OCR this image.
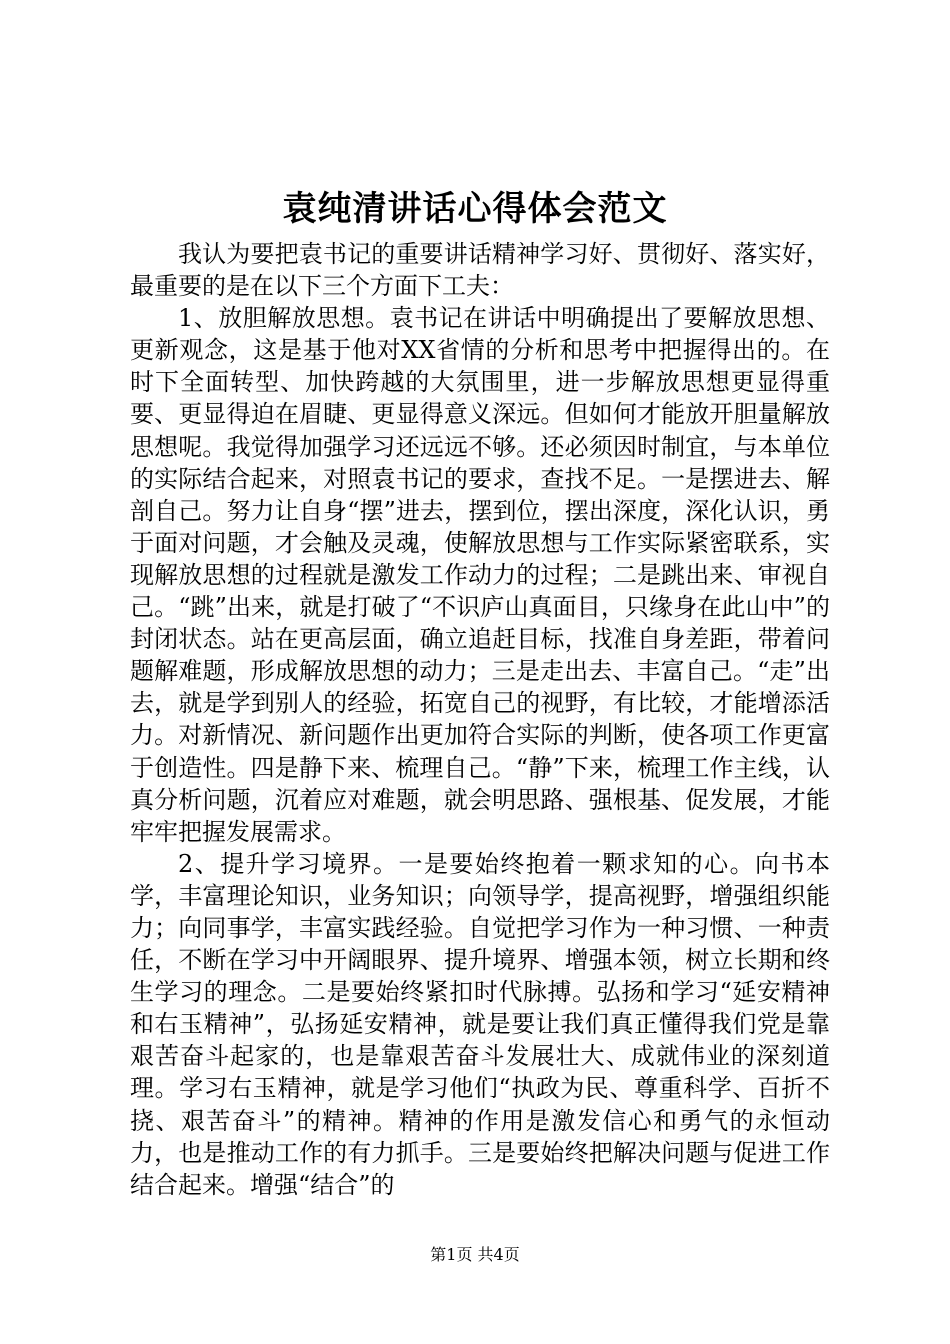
袁纯清讲话心得体会范文

我认为要把袁书记的重要讲话精神学习好、贯彻好、落实好，最重要的是在以下三个方面下工夫：

1、放胆解放思想。袁书记在讲话中明确提出了要解放思想、更新观念，这是基于他对XX省情的分析和思考中把握得出的。在时下全面转型、加快跨越的大氛围里，进一步解放思想更显得重要、更显得迫在眉睫、更显得意义深远。但如何才能放开胆量解放思想呢。我觉得加强学习还远远不够。还必须因时制宜，与本单位的实际结合起来，对照袁书记的要求，查找不足。一是摆进去、解剖自己。努力让自身“摆”进去，摆到位，摆出深度，深化认识，勇于面对问题，才会触及灵魂，使解放思想与工作实际紧密联系，实现解放思想的过程就是激发工作动力的过程；二是跳出来、审视自己。“跳”出来，就是打破了“不识庐山真面目，只缘身在此山中”的封闭状态。站在更高层面，确立追赶目标，找准自身差距，带着问题解难题，形成解放思想的动力；三是走出去、丰富自己。“走”出去，就是学到别人的经验，拓宽自己的视野，有比较，才能增添活力。对新情况、新问题作出更加符合实际的判断，使各项工作更富于创造性。四是静下来、梳理自己。“静”下来，梳理工作主线，认真分析问题，沉着应对难题，就会明思路、强根基、促发展，才能牢牢把握发展需求。

2、提升学习境界。一是要始终抱着一颗求知的心。向书本学，丰富理论知识，业务知识；向领导学，提高视野，增强组织能力；向同事学，丰富实践经验。自觉把学习作为一种习惯、一种责任，不断在学习中开阔眼界、提升境界、增强本领，树立长期和终生学习的理念。二是要始终紧扣时代脉搏。弘扬和学习“延安精神和右玉精神”，弘扬延安精神，就是要让我们真正懂得我们党是靠艰苦奋斗起家的，也是靠艰苦奋斗发展壮大、成就伟业的深刻道理。学习右玉精神，就是学习他们“执政为民、尊重科学、百折不挠、艰苦奋斗”的精神。精神的作用是激发信心和勇气的永恒动力，也是推动工作的有力抓手。三是要始终把解决问题与促进工作结合起来。增强“结合”的

第1页 共4页
